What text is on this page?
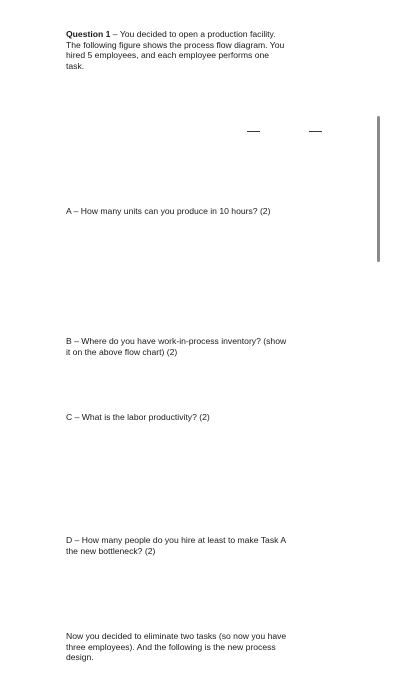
Question 1 – You decided to open a production facility.
The following figure shows the process flow diagram. You
hired 5 employees, and each employee performs one
task.

A – How many units can you produce in 10 hours? (2)

B – Where do you have work-in-process inventory? (show
it on the above flow chart) (2)

C – What is the labor productivity? (2)

D – How many people do you hire at least to make Task A
the new bottleneck? (2)

Now you decided to eliminate two tasks (so now you have
three employees). And the following is the new process
design.
